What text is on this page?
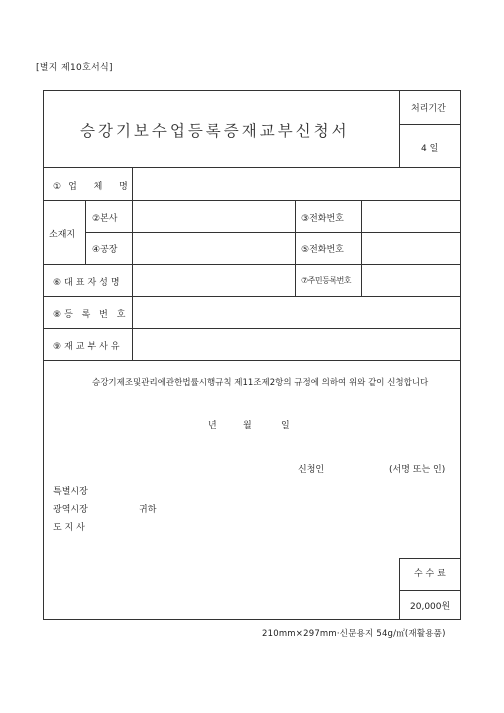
[별지 제10호서식]
승강기보수업등록증재교부신청서
처리기간
4 일
①업 체 명
소재지
②본사	③전화번호
④공장	⑤전화번호
⑥대표자성명	⑦주민등록번호
⑧등 록 번 호
⑨재교부사유
승강기제조및관리에관한법률시행규칙 제11조제2항의 규정에 의하여 위와 같이 신청합니다
년	월	일
신청인	(서명 또는 인)
특별시장
광역시장	귀하
도 지 사
수 수 료
20,000원
210mm×297mm·신문용지 54g/㎡(재활용품)
